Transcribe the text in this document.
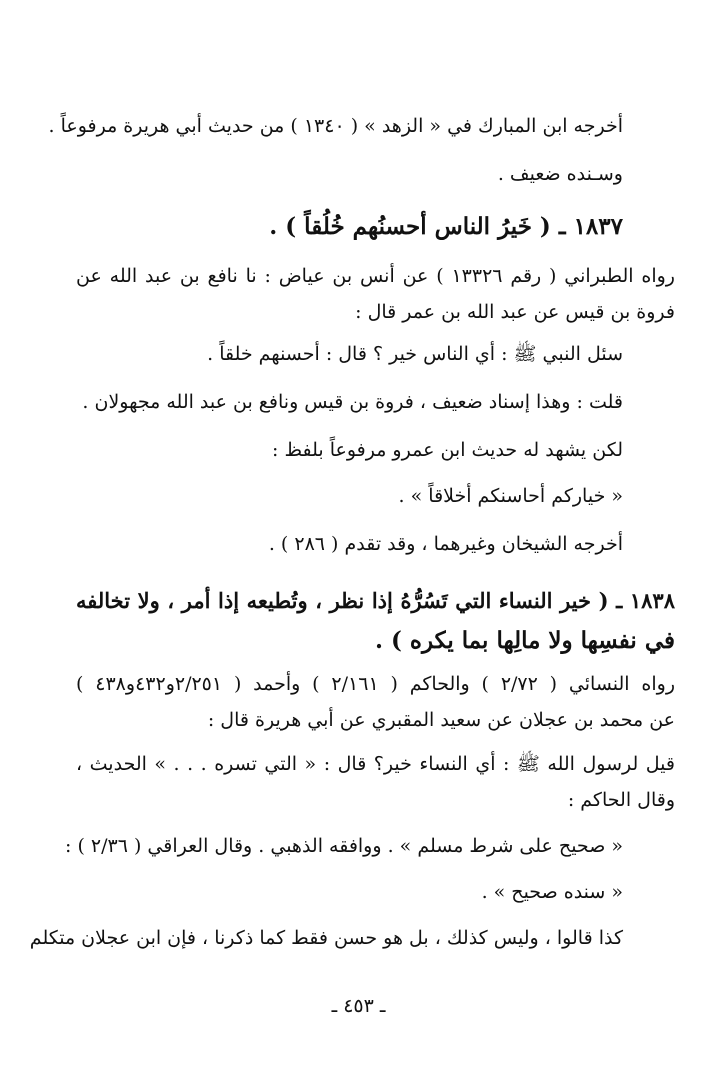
أخرجه ابن المبارك في « الزهد » ( ١٣٤٠ ) من حديث أبي هريرة مرفوعاً .
وسـنده ضعيف .
١٨٣٧ ـ ( خَيرُ الناس أحسنُهم خُلُقاً ) .
رواه الطبراني ( رقم ١٣٣٢٦ ) عن أنس بن عياض : نا نافع بن عبد الله عن
فروة بن قيس عن عبد الله بن عمر قال :
سئل النبي ﷺ : أي الناس خير ؟ قال : أحسنهم خلقاً .
قلت : وهذا إسناد ضعيف ، فروة بن قيس ونافع بن عبد الله مجهولان .
لكن يشهد له حديث ابن عمرو مرفوعاً بلفظ :
« خياركم أحاسنكم أخلاقاً » .
أخرجه الشيخان وغيرهما ، وقد تقدم ( ٢٨٦ ) .
١٨٣٨ ـ ( خير النساء التي تَسُرُّهُ إذا نظر ، وتُطيعه إذا أمر ، ولا تخالفه
في نفسِها ولا مالِها بما يكره ) .
رواه النسائي ( ٢/٧٢ ) والحاكم ( ٢/١٦١ ) وأحمد ( ٢/٢٥١و٤٣٢و٤٣٨ )
عن محمد بن عجلان عن سعيد المقبري عن أبي هريرة قال :
قيل لرسول الله ﷺ : أي النساء خير؟ قال : « التي تسره . . . » الحديث ،
وقال الحاكم :
« صحيح على شرط مسلم » . ووافقه الذهبي . وقال العراقي ( ٢/٣٦ ) :
« سنده صحيح » .
كذا قالوا ، وليس كذلك ، بل هو حسن فقط كما ذكرنا ، فإن ابن عجلان متكلم
ـ ٤٥٣ ـ
